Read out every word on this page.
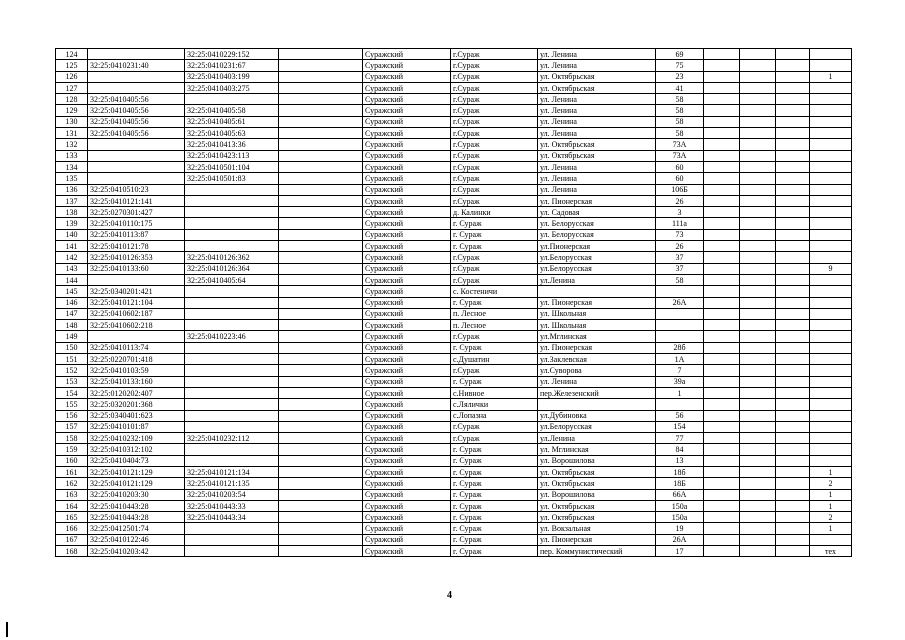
124		32:25:0410229:152		Суражский	г.Сураж	ул. Ленина	69				
125	32:25:0410231:40	32:25:0410231:67		Суражский	г.Сураж	ул. Ленина	75				
126		32:25:0410403:199		Суражский	г.Сураж	ул. Октябрьская	23				1
127		32:25:0410403:275		Суражский	г.Сураж	ул. Октябрьская	41				
128	32:25:0410405:56			Суражский	г.Сураж	ул. Ленина	58				
129	32:25:0410405:56	32:25:0410405:58		Суражский	г.Сураж	ул. Ленина	58				
130	32:25:0410405:56	32:25:0410405:61		Суражский	г.Сураж	ул. Ленина	58				
131	32:25:0410405:56	32:25:0410405:63		Суражский	г.Сураж	ул. Ленина	58				
132		32:25:0410413:36		Суражский	г.Сураж	ул. Октябрьская	73А				
133		32:25:0410423:113		Суражский	г.Сураж	ул. Октябрьская	73А				
134		32:25:0410501:104		Суражский	г.Сураж	ул. Ленина	60				
135		32:25:0410501:83		Суражский	г.Сураж	ул. Ленина	60				
136	32:25:0410510:23			Суражский	г.Сураж	ул. Ленина	106Б				
137	32:25:0410121:141			Суражский	г.Сураж	ул. Пионерская	26				
138	32:25:0270301:427			Суражский	д. Калинки	ул. Садовая	3				
139	32:25:0410110:175			Суражский	г. Сураж	ул. Белорусская	111а				
140	32:25:0410113:87			Суражский	г. Сураж	ул. Белорусская	73				
141	32:25:0410121:78			Суражский	г. Сураж	ул.Пионерская	26				
142	32:25:0410126:353	32:25:0410126:362		Суражский	г.Сураж	ул.Белорусская	37				
143	32:25:0410133:60	32:25:0410126:364		Суражский	г.Сураж	ул.Белорусская	37				9
144		32:25:0410405:64		Суражский	г.Сураж	ул.Ленина	58				
145	32:25:0340201:421			Суражский	с. Костеничи						
146	32:25:0410121:104			Суражский	г. Сураж	ул. Пионерская	26А				
147	32:25:0410602:187			Суражский	п. Лесное	ул. Школьная					
148	32:25:0410602:218			Суражский	п. Лесное	ул. Школьная					
149		32:25:0410223:46		Суражский	г.Сураж	ул.Мглинская					
150	32:25:0410113:74			Суражский	г. Сураж	ул. Пионерская	28б				
151	32:25:0220701:418			Суражский	с.Душатин	ул.Заклевская	1А				
152	32:25:0410103:59			Суражский	г.Сураж	ул.Суворова	7				
153	32:25:0410133:160			Суражский	г. Сураж	ул. Ленина	39а				
154	32:25:0120202:407			Суражский	с.Нивное	пер.Железенский	1				
155	32:25:0320201:368			Суражский	с.Лялички						
156	32:25:0340401:623			Суражский	с.Лопазна	ул.Дубиновка	56				
157	32:25:0410101:87			Суражский	г.Сураж	ул.Белорусская	154				
158	32:25:0410232:109	32:25:0410232:112		Суражский	г.Сураж	ул.Ленина	77				
159	32:25:0410312:102			Суражский	г. Сураж	ул. Мглинская	84				
160	32:25:0410404:73			Суражский	г. Сураж	ул. Ворошилова	13				
161	32:25:0410121:129	32:25:0410121:134		Суражский	г. Сураж	ул. Октябрьская	18б				1
162	32:25:0410121:129	32:25:0410121:135		Суражский	г. Сураж	ул. Октябрьская	18Б				2
163	32:25:0410203:30	32:25:0410203:54		Суражский	г. Сураж	ул. Ворошилова	66А				1
164	32:25:0410443:28	32:25:0410443:33		Суражский	г. Сураж	ул. Октябрьская	150а				1
165	32:25:0410443:28	32:25:0410443:34		Суражский	г. Сураж	ул. Октябрьская	150а				2
166	32:25:0412501:74			Суражский	г. Сураж	ул. Вокзальная	19				1
167	32:25:0410122:46			Суражский	г. Сураж	ул. Пионерская	26А				
168	32:25:0410203:42			Суражский	г. Сураж	пер. Коммунистический	17				тех
4
